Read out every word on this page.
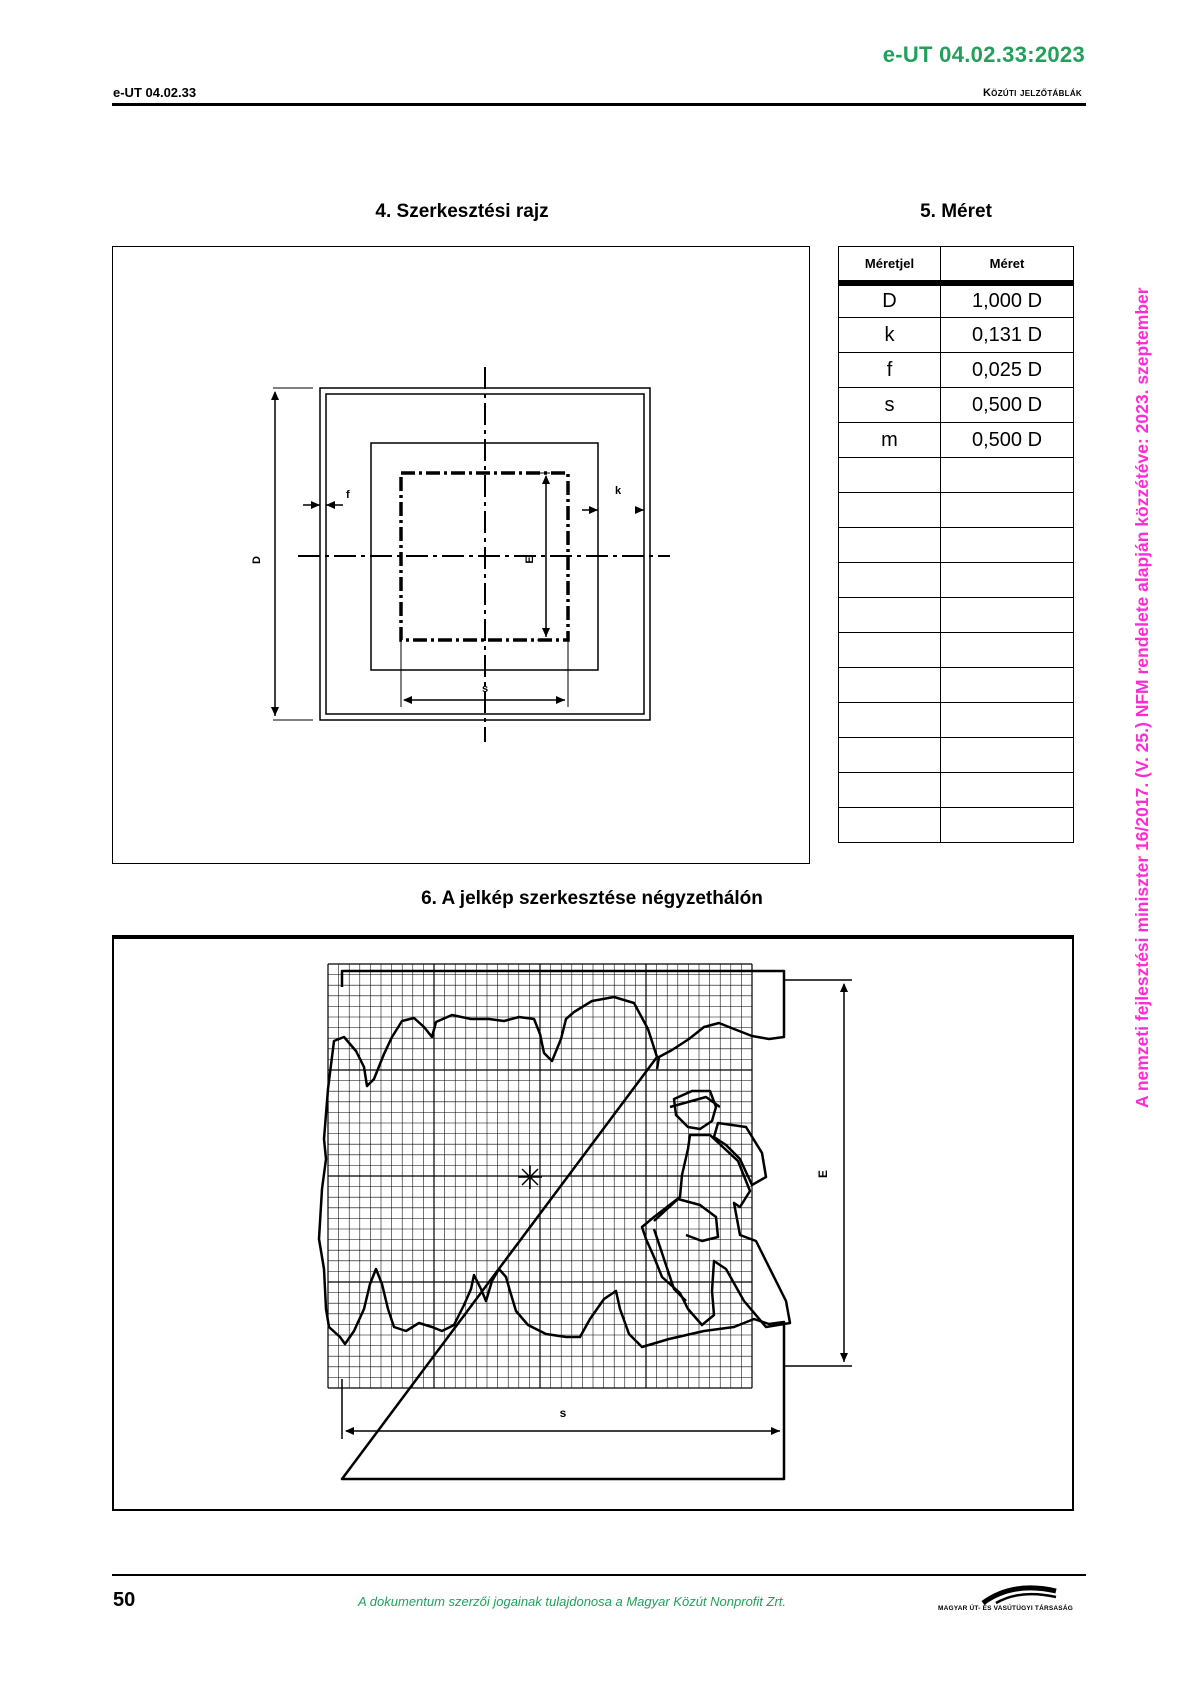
e-UT 04.02.33:2023
e-UT 04.02.33	Közúti jelzőtáblák
4. Szerkesztési rajz	5. Méret
D
f	k
E
s
Méretjel	Méret
D	1,000 D
k	0,131 D
f	0,025 D
s	0,500 D
m	0,500 D

6. A jelkép szerkesztése négyzethálón
E
s
A nemzeti fejlesztési miniszter 16/2017. (V. 25.) NFM rendelete alapján közzétéve: 2023. szeptember
50	A dokumentum szerzői jogainak tulajdonosa a Magyar Közút Nonprofit Zrt.	MAGYAR ÚT- ÉS VASÚTÜGYI TÁRSASÁG
